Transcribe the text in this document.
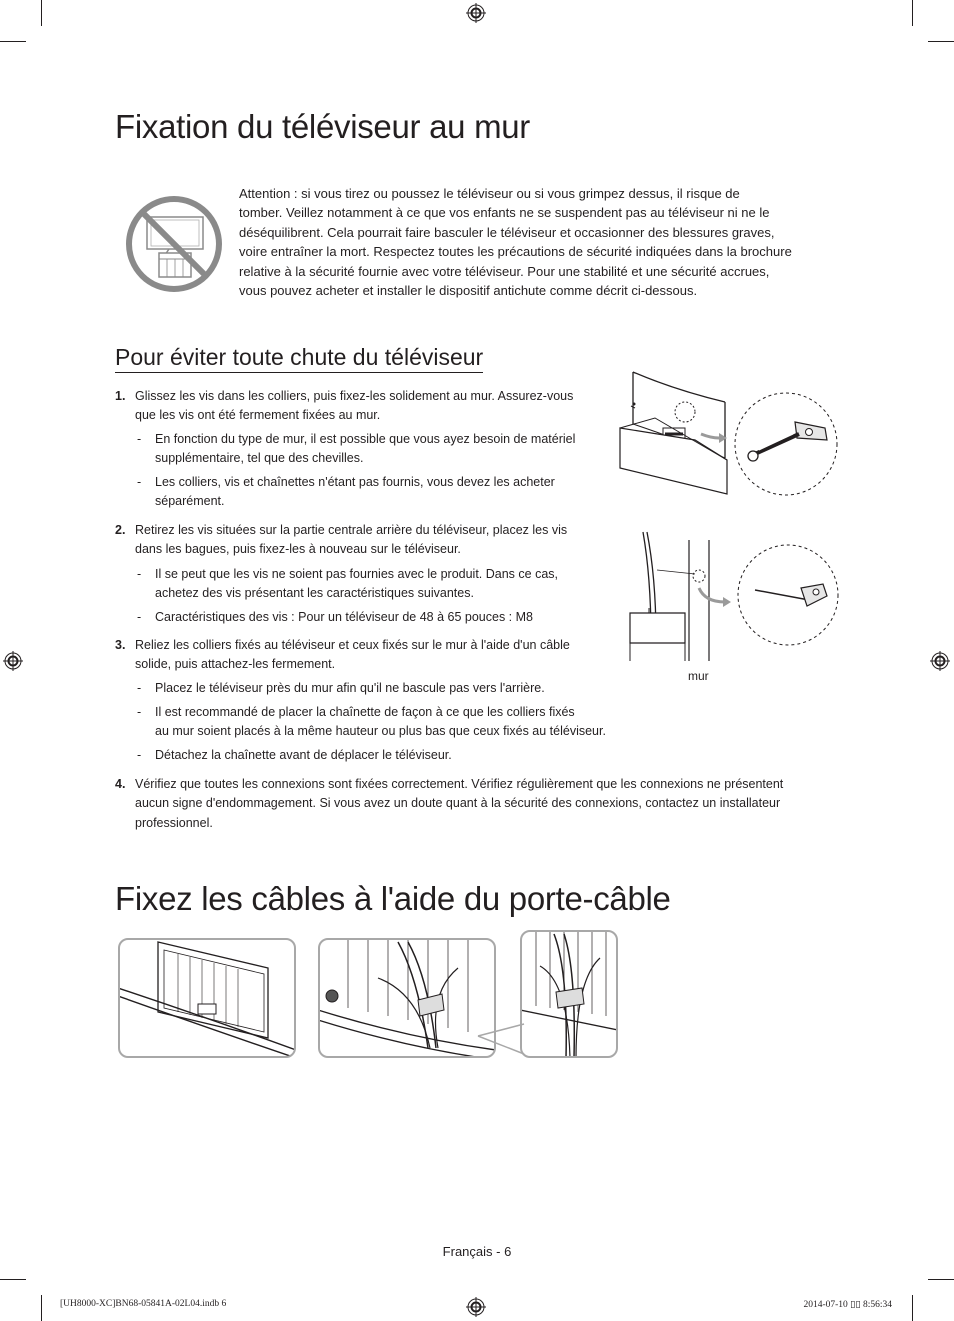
Fixation du téléviseur au mur
Attention : si vous tirez ou poussez le téléviseur ou si vous grimpez dessus, il risque de
tomber. Veillez notamment à ce que vos enfants ne se suspendent pas au téléviseur ni ne le
déséquilibrent. Cela pourrait faire basculer le téléviseur et occasionner des blessures graves,
voire entraîner la mort. Respectez toutes les précautions de sécurité indiquées dans la brochure
relative à la sécurité fournie avec votre téléviseur. Pour une stabilité et une sécurité accrues,
vous pouvez acheter et installer le dispositif antichute comme décrit ci-dessous.
Pour éviter toute chute du téléviseur
1. Glissez les vis dans les colliers, puis fixez-les solidement au mur. Assurez-vous
que les vis ont été fermement fixées au mur.
- En fonction du type de mur, il est possible que vous ayez besoin de matériel
supplémentaire, tel que des chevilles.
- Les colliers, vis et chaînettes n'étant pas fournis, vous devez les acheter
séparément.
2. Retirez les vis situées sur la partie centrale arrière du téléviseur, placez les vis
dans les bagues, puis fixez-les à nouveau sur le téléviseur.
- Il se peut que les vis ne soient pas fournies avec le produit. Dans ce cas,
achetez des vis présentant les caractéristiques suivantes.
- Caractéristiques des vis : Pour un téléviseur de 48 à 65 pouces : M8
3. Reliez les colliers fixés au téléviseur et ceux fixés sur le mur à l'aide d'un câble
solide, puis attachez-les fermement.
- Placez le téléviseur près du mur afin qu'il ne bascule pas vers l'arrière.
- Il est recommandé de placer la chaînette de façon à ce que les colliers fixés
au mur soient placés à la même hauteur ou plus bas que ceux fixés au téléviseur.
- Détachez la chaînette avant de déplacer le téléviseur.
4. Vérifiez que toutes les connexions sont fixées correctement. Vérifiez régulièrement que les connexions ne présentent
aucun signe d'endommagement. Si vous avez un doute quant à la sécurité des connexions, contactez un installateur
professionnel.
mur
Fixez les câbles à l'aide du porte-câble
Français - 6
[UH8000-XC]BN68-05841A-02L04.indb 6	2014-07-10 ▯▯ 8:56:34
